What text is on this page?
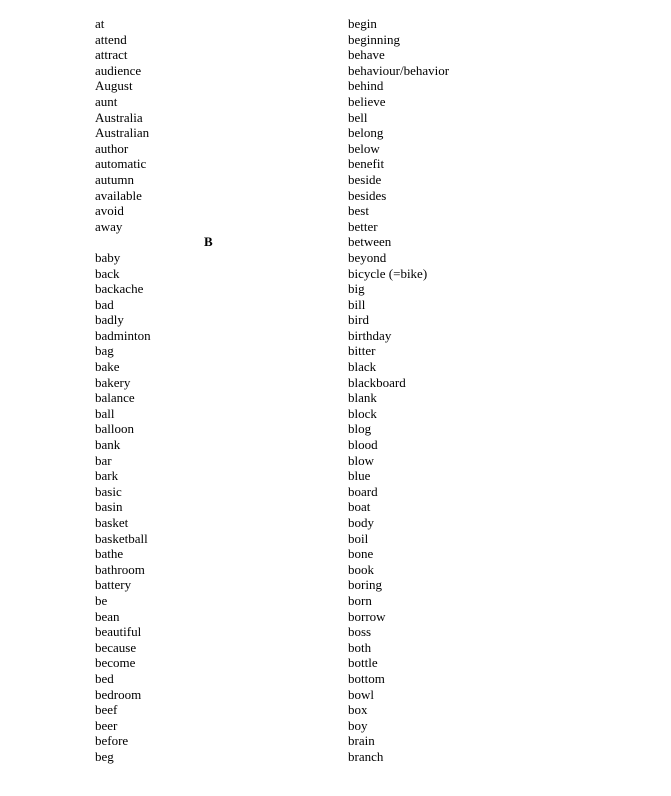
at
attend
attract
audience
August
aunt
Australia
Australian
author
automatic
autumn
available
avoid
away
B
baby
back
backache
bad
badly
badminton
bag
bake
bakery
balance
ball
balloon
bank
bar
bark
basic
basin
basket
basketball
bathe
bathroom
battery
be
bean
beautiful
because
become
bed
bedroom
beef
beer
before
beg
begin
beginning
behave
behaviour/behavior
behind
believe
bell
belong
below
benefit
beside
besides
best
better
between
beyond
bicycle (=bike)
big
bill
bird
birthday
bitter
black
blackboard
blank
block
blog
blood
blow
blue
board
boat
body
boil
bone
book
boring
born
borrow
boss
both
bottle
bottom
bowl
box
boy
brain
branch
